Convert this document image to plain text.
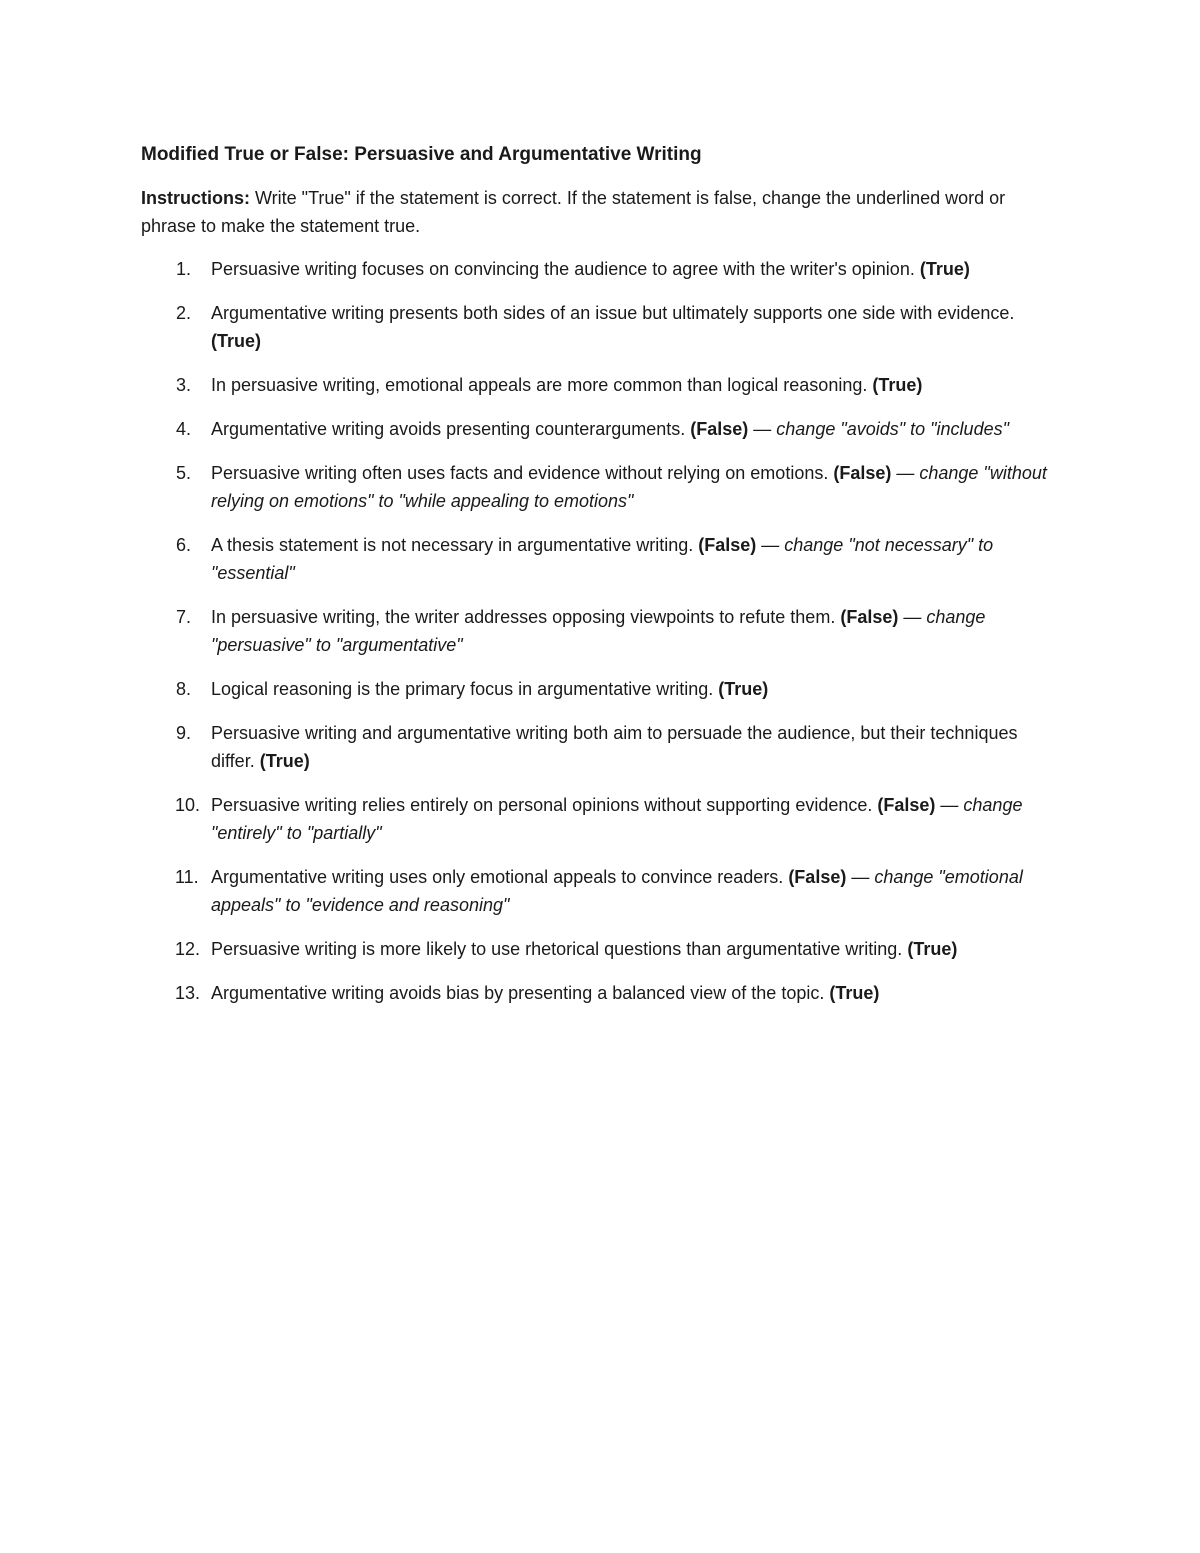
Modified True or False: Persuasive and Argumentative Writing
Instructions: Write "True" if the statement is correct. If the statement is false, change the underlined word or phrase to make the statement true.
1.	Persuasive writing focuses on convincing the audience to agree with the writer's opinion. (True)
2.	Argumentative writing presents both sides of an issue but ultimately supports one side with evidence. (True)
3.	In persuasive writing, emotional appeals are more common than logical reasoning. (True)
4.	Argumentative writing avoids presenting counterarguments. (False) — change "avoids" to "includes"
5.	Persuasive writing often uses facts and evidence without relying on emotions. (False) — change "without relying on emotions" to "while appealing to emotions"
6.	A thesis statement is not necessary in argumentative writing. (False) — change "not necessary" to "essential"
7.	In persuasive writing, the writer addresses opposing viewpoints to refute them. (False) — change "persuasive" to "argumentative"
8.	Logical reasoning is the primary focus in argumentative writing. (True)
9.	Persuasive writing and argumentative writing both aim to persuade the audience, but their techniques differ. (True)
10. Persuasive writing relies entirely on personal opinions without supporting evidence. (False) — change "entirely" to "partially"
11. Argumentative writing uses only emotional appeals to convince readers. (False) — change "emotional appeals" to "evidence and reasoning"
12. Persuasive writing is more likely to use rhetorical questions than argumentative writing. (True)
13. Argumentative writing avoids bias by presenting a balanced view of the topic. (True)
